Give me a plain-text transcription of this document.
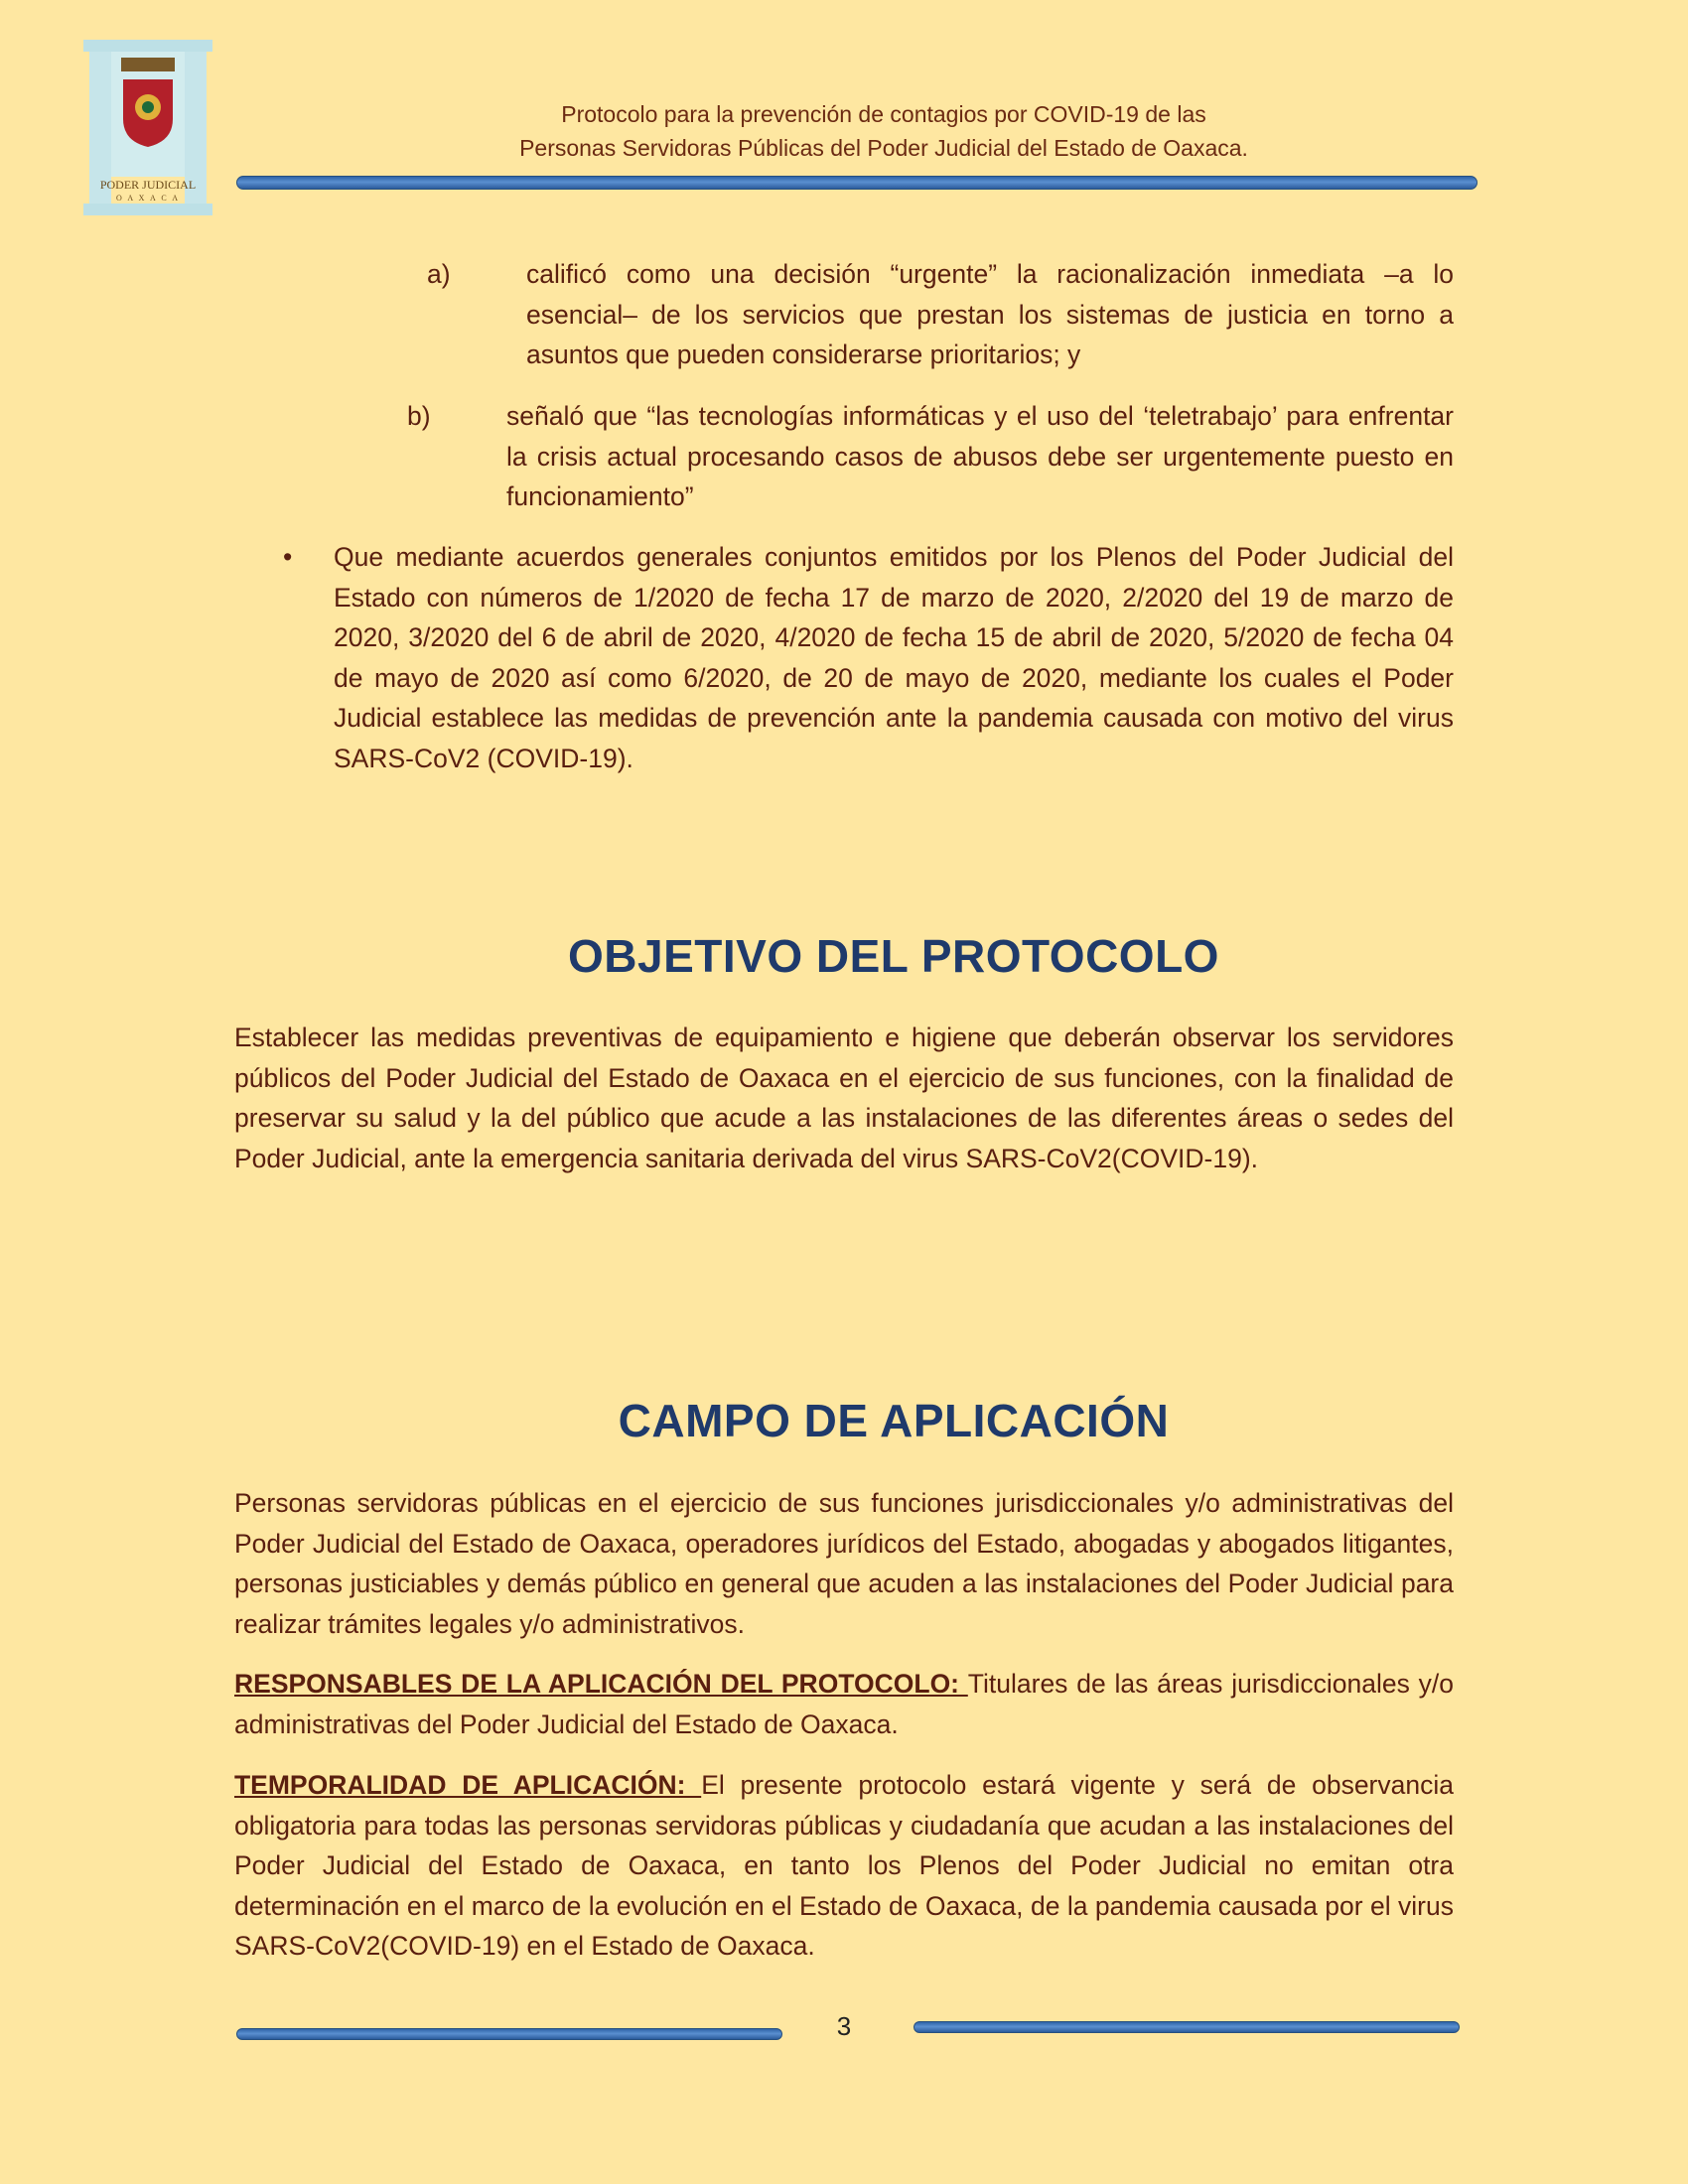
PODER JUDICIAL
O A X A C A
Protocolo para la prevención de contagios por COVID-19 de las
Personas Servidoras Públicas del Poder Judicial del Estado de Oaxaca.
a)	calificó como una decisión “urgente” la racionalización inmediata –a lo esencial– de los servicios que prestan los sistemas de justicia en torno a asuntos que pueden considerarse prioritarios; y
b)	señaló que “las tecnologías informáticas y el uso del ‘teletrabajo’ para enfrentar la crisis actual procesando casos de abusos debe ser urgentemente puesto en funcionamiento”
• Que mediante acuerdos generales conjuntos emitidos por los Plenos del Poder Judicial del Estado con números de 1/2020 de fecha 17 de marzo de 2020, 2/2020 del 19 de marzo de 2020, 3/2020 del 6 de abril de 2020, 4/2020 de fecha 15 de abril de 2020, 5/2020 de fecha 04 de mayo de 2020 así como 6/2020, de 20 de mayo de 2020, mediante los cuales el Poder Judicial establece las medidas de prevención ante la pandemia causada con motivo del virus SARS-CoV2 (COVID-19).
OBJETIVO DEL PROTOCOLO
Establecer las medidas preventivas de equipamiento e higiene que deberán observar los servidores públicos del Poder Judicial del Estado de Oaxaca en el ejercicio de sus funciones, con la finalidad de preservar su salud y la del público que acude a las instalaciones de las diferentes áreas o sedes del Poder Judicial, ante la emergencia sanitaria derivada del virus SARS-CoV2(COVID-19).
CAMPO DE APLICACIÓN
Personas servidoras públicas en el ejercicio de sus funciones jurisdiccionales y/o administrativas del Poder Judicial del Estado de Oaxaca, operadores jurídicos del Estado, abogadas y abogados litigantes, personas justiciables y demás público en general que acuden a las instalaciones del Poder Judicial para realizar trámites legales y/o administrativos.
RESPONSABLES DE LA APLICACIÓN DEL PROTOCOLO: Titulares de las áreas jurisdiccionales y/o administrativas del Poder Judicial del Estado de Oaxaca.
TEMPORALIDAD DE APLICACIÓN: El presente protocolo estará vigente y será de observancia obligatoria para todas las personas servidoras públicas y ciudadanía que acudan a las instalaciones del Poder Judicial del Estado de Oaxaca, en tanto los Plenos del Poder Judicial no emitan otra determinación en el marco de la evolución en el Estado de Oaxaca, de la pandemia causada por el virus SARS-CoV2(COVID-19) en el Estado de Oaxaca.
3
